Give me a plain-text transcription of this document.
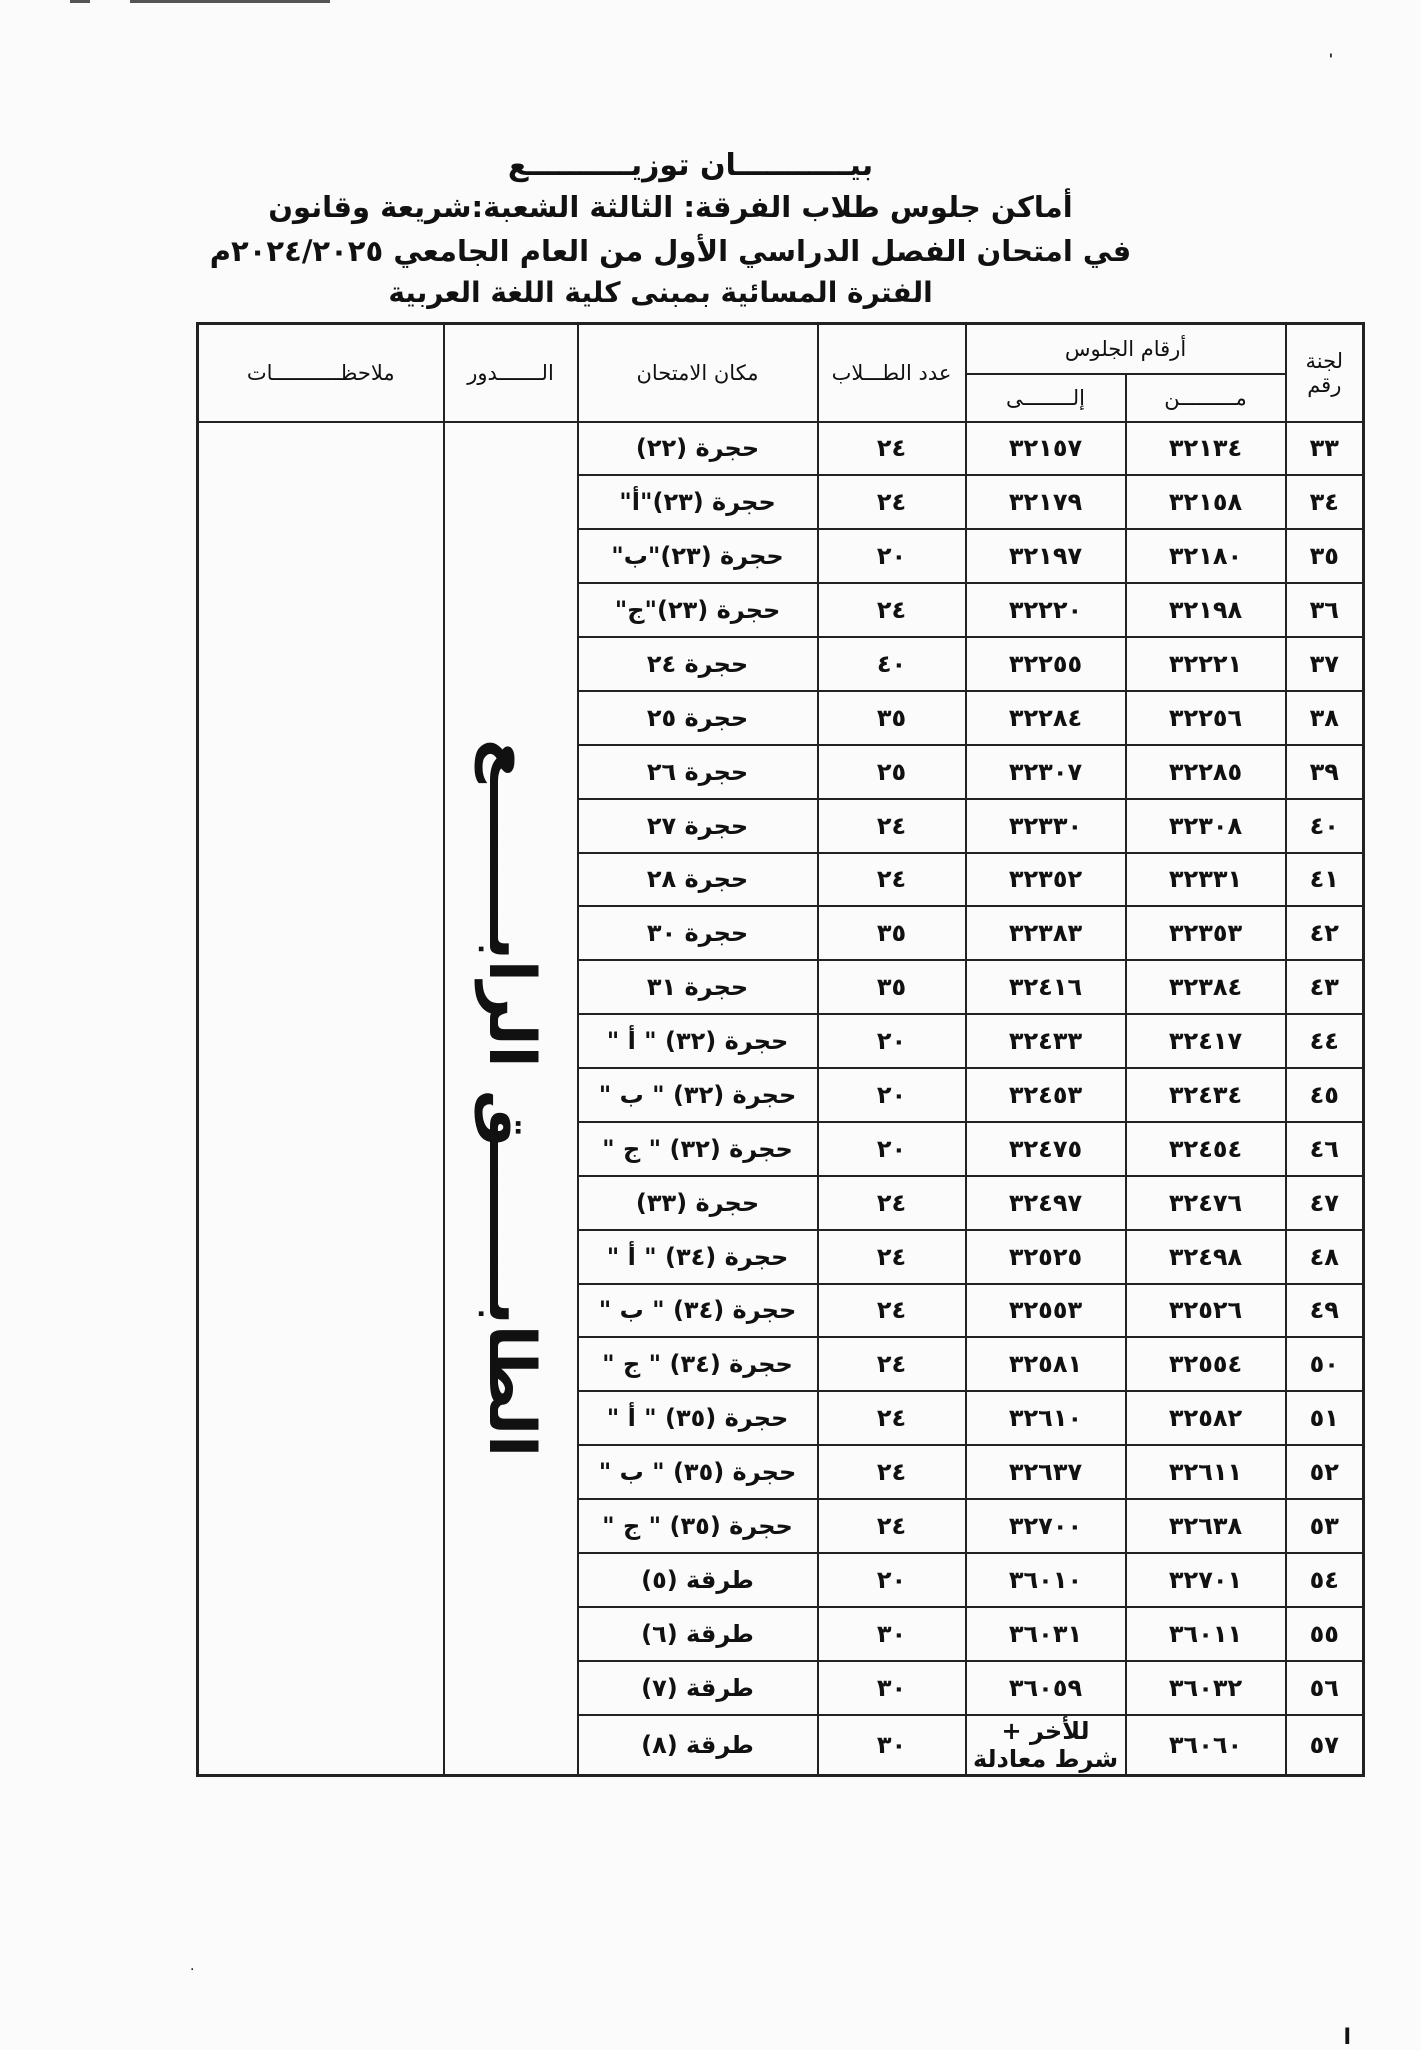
'
بيـــــــــــان توزيــــــــــع
أماكن جلوس طلاب الفرقة: الثالثة الشعبة:شريعة وقانون
في امتحان الفصل الدراسي الأول من العام الجامعي ٢٠٢٤/٢٠٢٥م
الفترة المسائية بمبنى كلية اللغة العربية
لجنة رقم	أرقام الجلوس		عدد الطـــلاب	مكان الامتحان	الـــــــدور	ملاحظـــــــــــات
	مـــــــــن	إلــــــــى				
٣٣	٣٢١٣٤	٣٢١٥٧	٢٤	حجرة (٢٢)	الطابـــــــق الرابـــــــع	

٣٤	٣٢١٥٨	٣٢١٧٩	٢٤	حجرة (٢٣)"أ"		
٣٥	٣٢١٨٠	٣٢١٩٧	٢٠	حجرة (٢٣)"ب"		
٣٦	٣٢١٩٨	٣٢٢٢٠	٢٤	حجرة (٢٣)"ج"		
٣٧	٣٢٢٢١	٣٢٢٥٥	٤٠	حجرة ٢٤		
٣٨	٣٢٢٥٦	٣٢٢٨٤	٣٥	حجرة ٢٥		
٣٩	٣٢٢٨٥	٣٢٣٠٧	٢٥	حجرة ٢٦		
٤٠	٣٢٣٠٨	٣٢٣٣٠	٢٤	حجرة ٢٧		
٤١	٣٢٣٣١	٣٢٣٥٢	٢٤	حجرة ٢٨		
٤٢	٣٢٣٥٣	٣٢٣٨٣	٣٥	حجرة ٣٠		
٤٣	٣٢٣٨٤	٣٢٤١٦	٣٥	حجرة ٣١		
٤٤	٣٢٤١٧	٣٢٤٣٣	٢٠	حجرة (٣٢) " أ "		
٤٥	٣٢٤٣٤	٣٢٤٥٣	٢٠	حجرة (٣٢) " ب "		
٤٦	٣٢٤٥٤	٣٢٤٧٥	٢٠	حجرة (٣٢) " ج "		
٤٧	٣٢٤٧٦	٣٢٤٩٧	٢٤	حجرة (٣٣)		
٤٨	٣٢٤٩٨	٣٢٥٢٥	٢٤	حجرة (٣٤) " أ "		
٤٩	٣٢٥٢٦	٣٢٥٥٣	٢٤	حجرة (٣٤) " ب "		
٥٠	٣٢٥٥٤	٣٢٥٨١	٢٤	حجرة (٣٤) " ج "		
٥١	٣٢٥٨٢	٣٢٦١٠	٢٤	حجرة (٣٥) " أ "		
٥٢	٣٢٦١١	٣٢٦٣٧	٢٤	حجرة (٣٥) " ب "		
٥٣	٣٢٦٣٨	٣٢٧٠٠	٢٤	حجرة (٣٥) " ج "		
٥٤	٣٢٧٠١	٣٦٠١٠	٢٠	طرقة (٥)		
٥٥	٣٦٠١١	٣٦٠٣١	٣٠	طرقة (٦)		
٥٦	٣٦٠٣٢	٣٦٠٥٩	٣٠	طرقة (٧)		
٥٧	٣٦٠٦٠	للأخر + شرط معادلة	٣٠	طرقة (٨)		
·
ا
